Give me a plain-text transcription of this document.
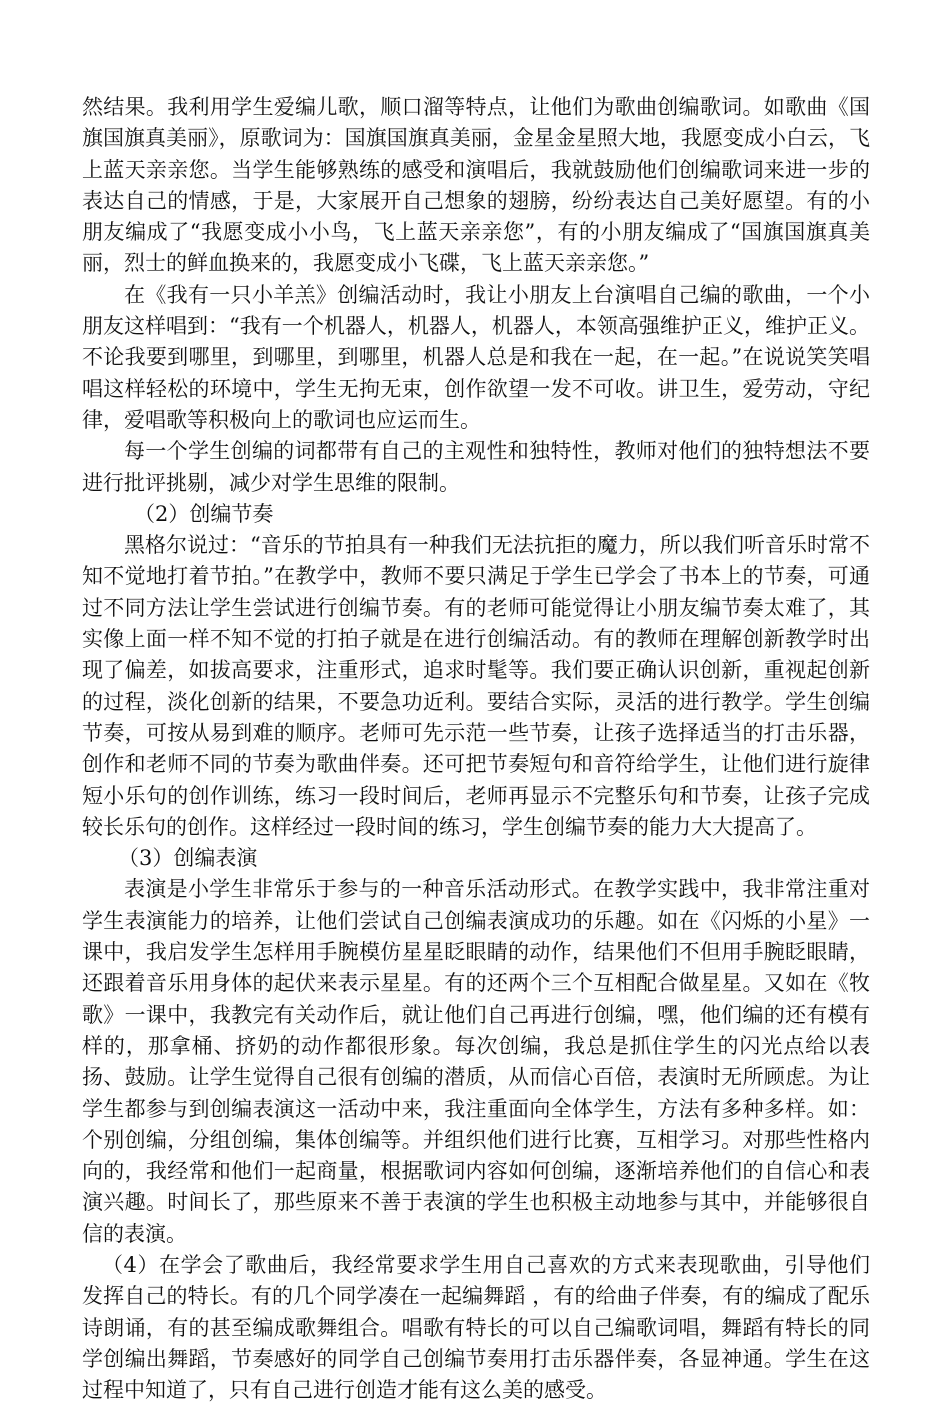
然结果。我利用学生爱编儿歌，顺口溜等特点，让他们为歌曲创编歌词。如歌曲《国旗国旗真美丽》，原歌词为：国旗国旗真美丽，金星金星照大地，我愿变成小白云，飞上蓝天亲亲您。当学生能够熟练的感受和演唱后，我就鼓励他们创编歌词来进一步的表达自己的情感，于是，大家展开自己想象的翅膀，纷纷表达自己美好愿望。有的小朋友编成了“我愿变成小小鸟，飞上蓝天亲亲您”，有的小朋友编成了“国旗国旗真美丽，烈士的鲜血换来的，我愿变成小飞碟，飞上蓝天亲亲您。”

在《我有一只小羊羔》创编活动时，我让小朋友上台演唱自己编的歌曲，一个小朋友这样唱到：“我有一个机器人，机器人，机器人，本领高强维护正义，维护正义。不论我要到哪里，到哪里，到哪里，机器人总是和我在一起，在一起。”在说说笑笑唱唱这样轻松的环境中，学生无拘无束，创作欲望一发不可收。讲卫生，爱劳动，守纪律，爱唱歌等积极向上的歌词也应运而生。

每一个学生创编的词都带有自己的主观性和独特性，教师对他们的独特想法不要进行批评挑剔，减少对学生思维的限制。

（2）创编节奏

黑格尔说过：“音乐的节拍具有一种我们无法抗拒的魔力，所以我们听音乐时常不知不觉地打着节拍。”在教学中，教师不要只满足于学生已学会了书本上的节奏，可通过不同方法让学生尝试进行创编节奏。有的老师可能觉得让小朋友编节奏太难了，其实像上面一样不知不觉的打拍子就是在进行创编活动。有的教师在理解创新教学时出现了偏差，如拔高要求，注重形式，追求时髦等。我们要正确认识创新，重视起创新的过程，淡化创新的结果，不要急功近利。要结合实际，灵活的进行教学。学生创编节奏，可按从易到难的顺序。老师可先示范一些节奏，让孩子选择适当的打击乐器，创作和老师不同的节奏为歌曲伴奏。还可把节奏短句和音符给学生，让他们进行旋律短小乐句的创作训练，练习一段时间后，老师再显示不完整乐句和节奏，让孩子完成较长乐句的创作。这样经过一段时间的练习，学生创编节奏的能力大大提高了。

（3）创编表演

表演是小学生非常乐于参与的一种音乐活动形式。在教学实践中，我非常注重对学生表演能力的培养，让他们尝试自己创编表演成功的乐趣。如在《闪烁的小星》一课中，我启发学生怎样用手腕模仿星星眨眼睛的动作，结果他们不但用手腕眨眼睛，还跟着音乐用身体的起伏来表示星星。有的还两个三个互相配合做星星。又如在《牧歌》一课中，我教完有关动作后，就让他们自己再进行创编，嘿，他们编的还有模有样的，那拿桶、挤奶的动作都很形象。每次创编，我总是抓住学生的闪光点给以表扬、鼓励。让学生觉得自己很有创编的潜质，从而信心百倍，表演时无所顾虑。为让学生都参与到创编表演这一活动中来，我注重面向全体学生，方法有多种多样。如：个别创编，分组创编，集体创编等。并组织他们进行比赛，互相学习。对那些性格内向的，我经常和他们一起商量，根据歌词内容如何创编，逐渐培养他们的自信心和表演兴趣。时间长了，那些原来不善于表演的学生也积极主动地参与其中，并能够很自信的表演。

（4）在学会了歌曲后，我经常要求学生用自己喜欢的方式来表现歌曲，引导他们发挥自己的特长。有的几个同学凑在一起编舞蹈 ，有的给曲子伴奏，有的编成了配乐诗朗诵，有的甚至编成歌舞组合。唱歌有特长的可以自己编歌词唱，舞蹈有特长的同学创编出舞蹈，节奏感好的同学自己创编节奏用打击乐器伴奏，各显神通。学生在这过程中知道了，只有自己进行创造才能有这么美的感受。
